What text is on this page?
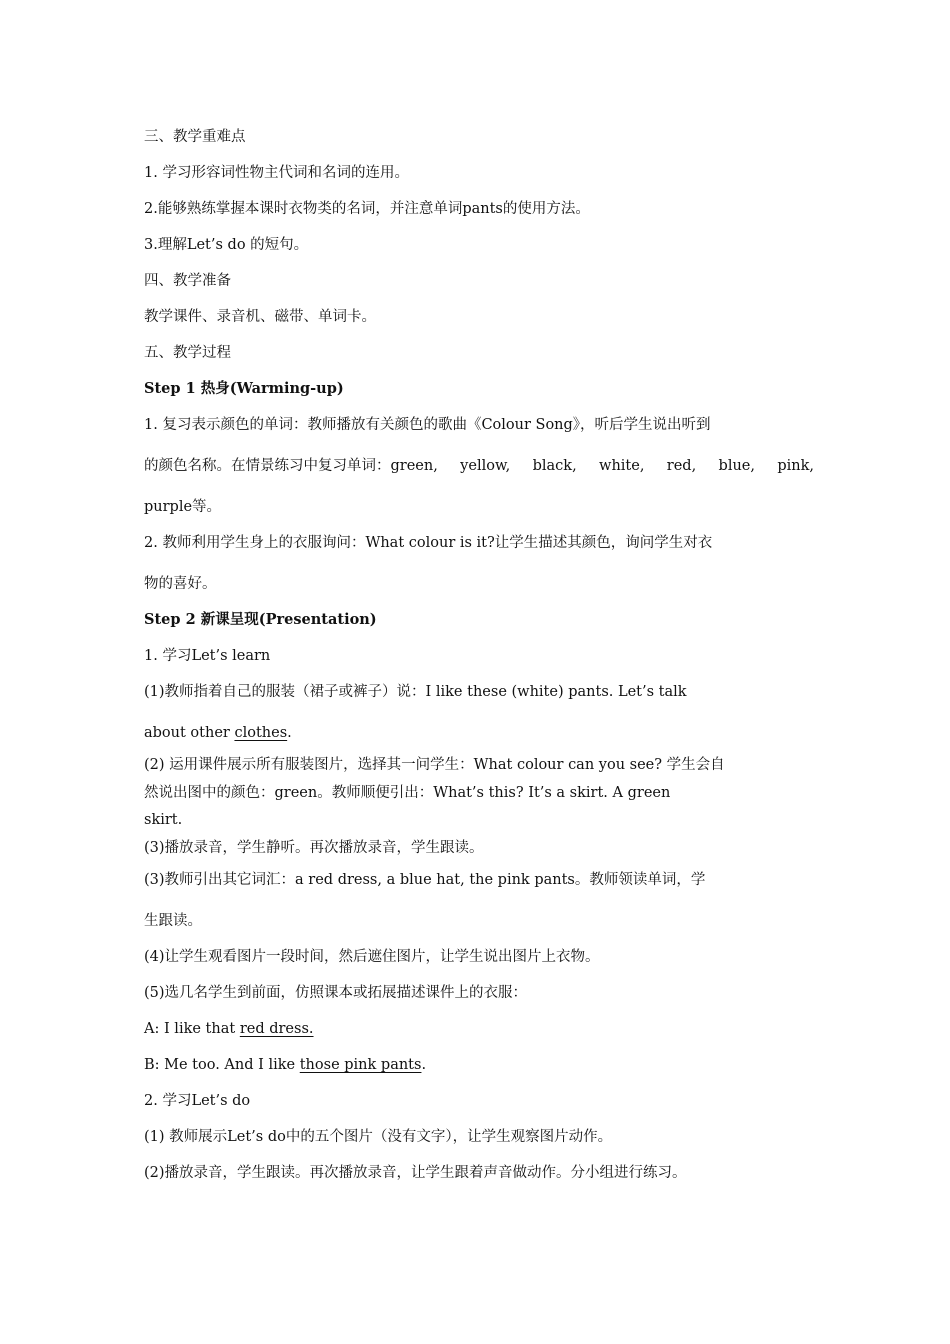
三、教学重难点
1. 学习形容词性物主代词和名词的连用。
2.能够熟练掌握本课时衣物类的名词，并注意单词pants的使用方法。
3.理解Let’s do 的短句。
四、教学准备
教学课件、录音机、磁带、单词卡。
五、教学过程
Step 1 热身(Warming-up)
1. 复习表示颜色的单词：教师播放有关颜色的歌曲《Colour Song》，听后学生说出听到
的颜色名称。在情景练习中复习单词：green, yellow, black, white, red, blue, pink,
purple等。
2. 教师利用学生身上的衣服询问：What colour is it?让学生描述其颜色，询问学生对衣
物的喜好。
Step 2 新课呈现(Presentation)
1. 学习Let’s learn
(1)教师指着自己的服装（裙子或裤子）说：I like these (white) pants. Let’s talk
about other clothes.
(2) 运用课件展示所有服装图片，选择其一问学生：What colour can you see? 学生会自
然说出图中的颜色：green。教师顺便引出：What’s this? It’s a skirt. A green
skirt.
(3)播放录音，学生静听。再次播放录音，学生跟读。
(3)教师引出其它词汇：a red dress, a blue hat, the pink pants。教师领读单词，学
生跟读。
(4)让学生观看图片一段时间，然后遮住图片，让学生说出图片上衣物。
(5)选几名学生到前面，仿照课本或拓展描述课件上的衣服：
A: I like that red dress.
B: Me too. And I like those pink pants.
2. 学习Let’s do
(1) 教师展示Let’s do中的五个图片（没有文字），让学生观察图片动作。
(2)播放录音，学生跟读。再次播放录音，让学生跟着声音做动作。分小组进行练习。
